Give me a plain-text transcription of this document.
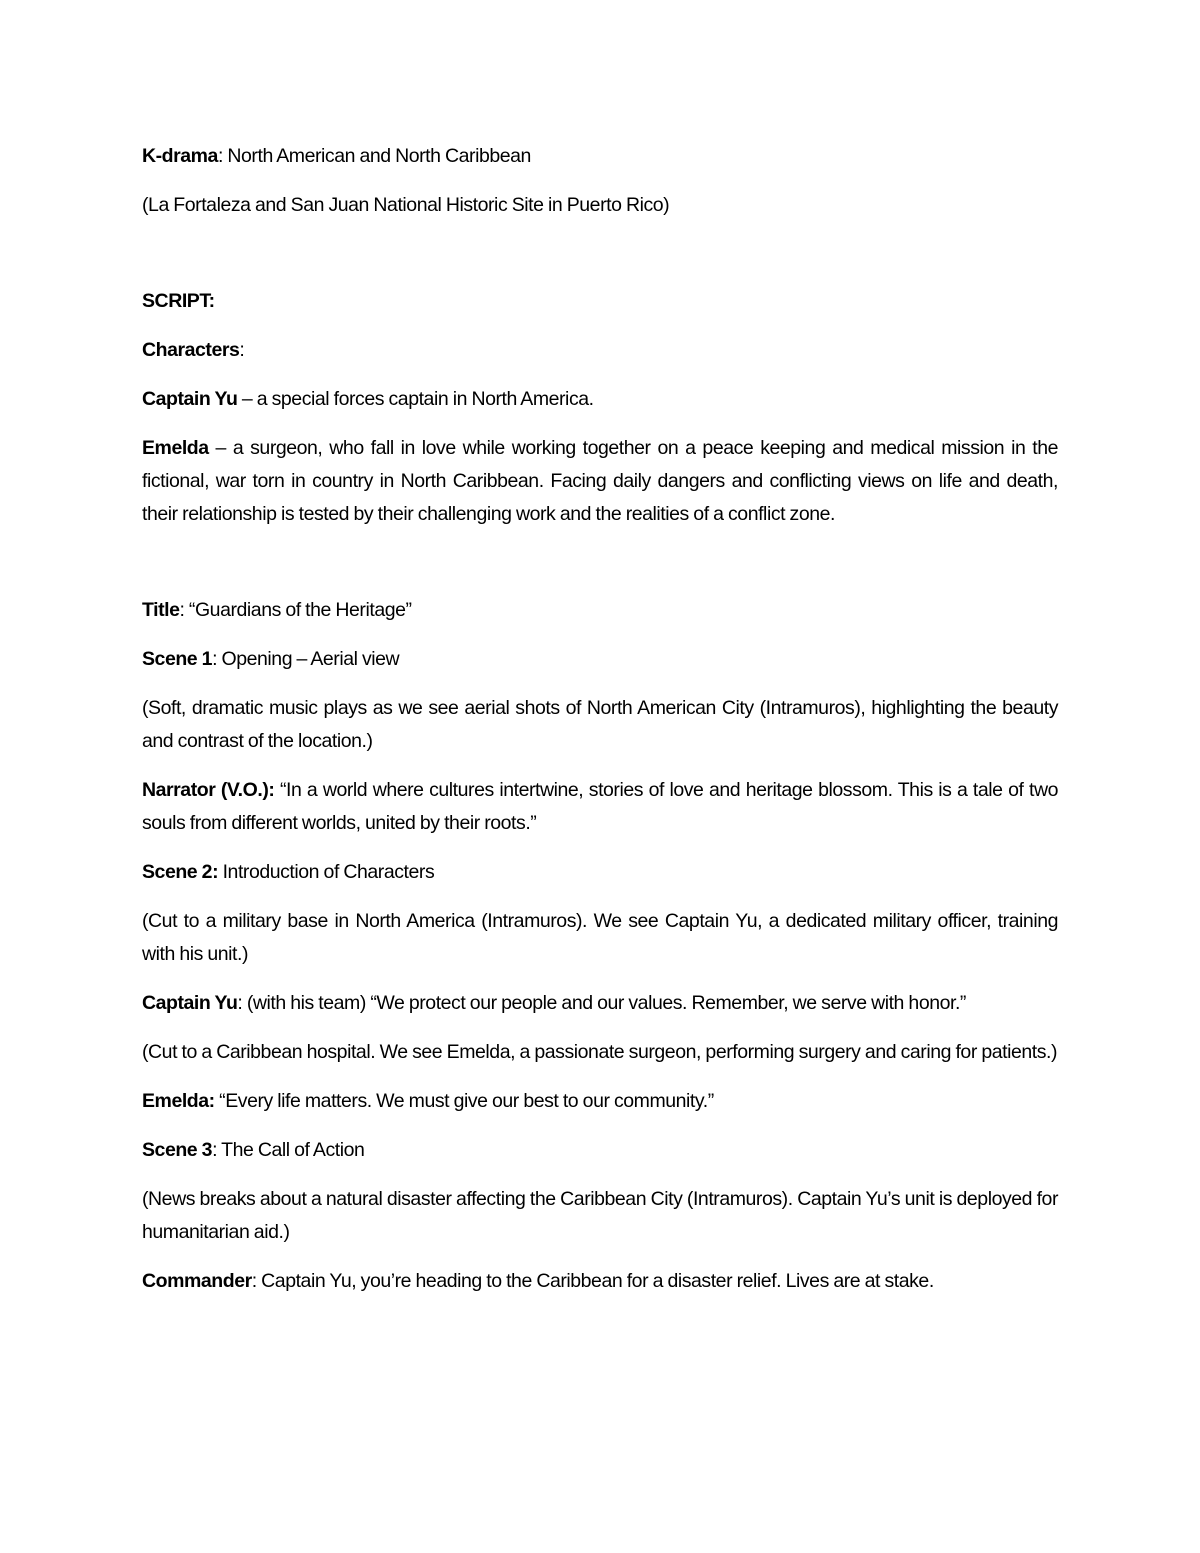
K-drama: North American and North Caribbean

(La Fortaleza and San Juan National Historic Site in Puerto Rico)

SCRIPT:

Characters:

Captain Yu – a special forces captain in North America.

Emelda – a surgeon, who fall in love while working together on a peace keeping and medical mission in the fictional, war torn in country in North Caribbean. Facing daily dangers and conflicting views on life and death, their relationship is tested by their challenging work and the realities of a conflict zone.

Title: “Guardians of the Heritage”

Scene 1: Opening – Aerial view

(Soft, dramatic music plays as we see aerial shots of North American City (Intramuros), highlighting the beauty and contrast of the location.)

Narrator (V.O.): “In a world where cultures intertwine, stories of love and heritage blossom. This is a tale of two souls from different worlds, united by their roots.”

Scene 2: Introduction of Characters

(Cut to a military base in North America (Intramuros). We see Captain Yu, a dedicated military officer, training with his unit.)

Captain Yu: (with his team) “We protect our people and our values. Remember, we serve with honor.”

(Cut to a Caribbean hospital. We see Emelda, a passionate surgeon, performing surgery and caring for patients.)

Emelda: “Every life matters. We must give our best to our community.”

Scene 3: The Call of Action

(News breaks about a natural disaster affecting the Caribbean City (Intramuros). Captain Yu’s unit is deployed for humanitarian aid.)

Commander: Captain Yu, you’re heading to the Caribbean for a disaster relief. Lives are at stake.
